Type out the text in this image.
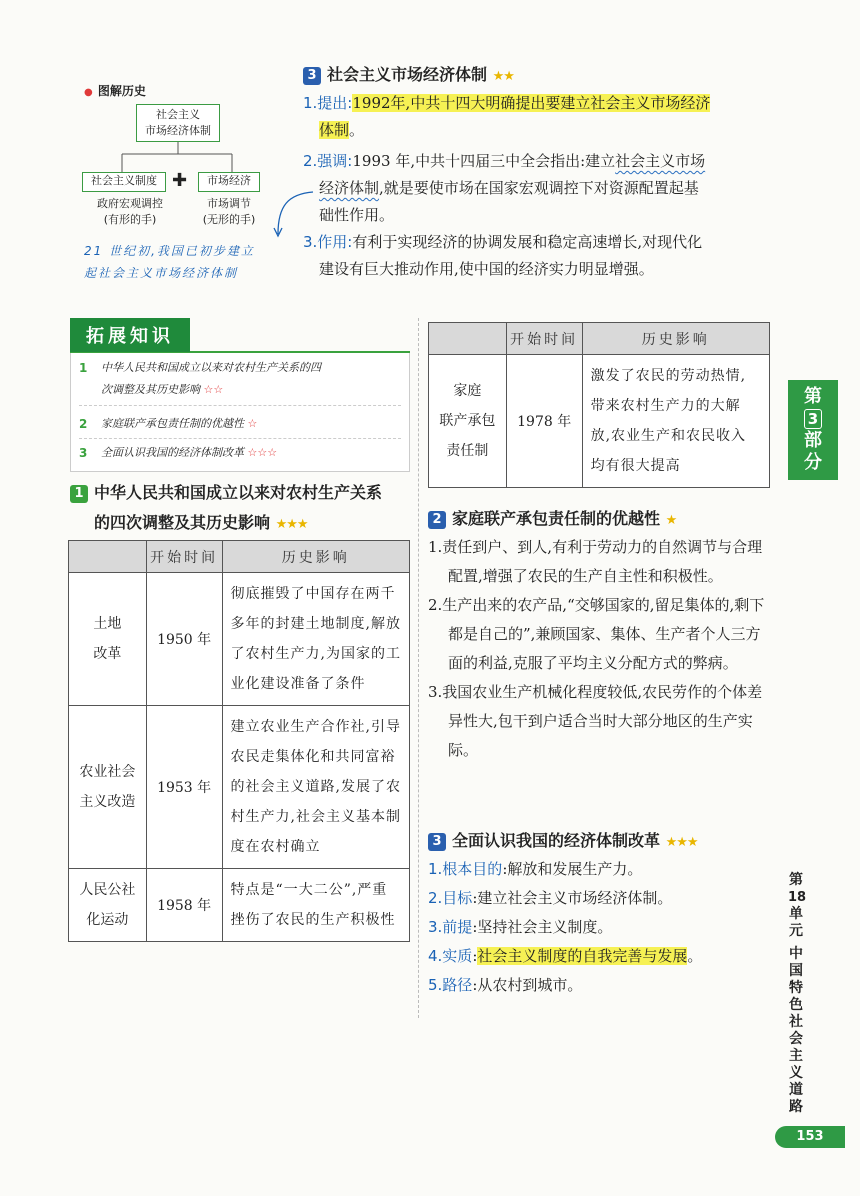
● 图解历史
社会主义
市场经济体制
社会主义制度 ✚	市场经济
政府宏观调控
(有形的手)
市场调节
(无形的手)
21 世纪初,我国已初步建立
起社会主义市场经济体制
3 社会主义市场经济体制 ★★
1.提出:1992年,中共十四大明确提出要建立社会主义市场经济
体制。
2.强调:1993 年,中共十四届三中全会指出:建立社会主义市场
经济体制,就是要使市场在国家宏观调控下对资源配置起基
础性作用。
3.作用:有利于实现经济的协调发展和稳定高速增长,对现代化
建设有巨大推动作用,使中国的经济实力明显增强。
拓展知识
1	中华人民共和国成立以来对农村生产关系的四
次调整及其历史影响 ☆☆
2	家庭联产承包责任制的优越性
☆
3	全面认识我国的经济体制改革
☆☆☆
1 中华人民共和国成立以来对农村生产关系
的四次调整及其历史影响 ★★★
	开始时间	历史影响

土地
改革	1950 年	彻底摧毁了中国存在两千多年的封建土地制度,解放了农村生产力,为国家的工业化建设准备了条件

农业社会
主义改造	1953 年	建立农业生产合作社,引导农民走集体化和共同富裕的社会主义道路,发展了农村生产力,社会主义基本制度在农村确立

人民公社
化运动	1958 年	特点是“一大二公”,严重挫伤了农民的生产积极性
	开始时间	历史影响

家庭
联产承包
责任制	1978 年	激发了农民的劳动热情,带来农村生产力的大解放,农业生产和农民收入均有很大提高
2 家庭联产承包责任制的优越性 ★
1.责任到户、到人,有利于劳动力的自然调节与合理配置,增强了农民的生产自主性和积极性。
2.生产出来的农产品,“交够国家的,留足集体的,剩下都是自己的”,兼顾国家、集体、生产者个人三方面的利益,克服了平均主义分配方式的弊病。
3.我国农业生产机械化程度较低,农民劳作的个体差异性大,包干到户适合当时大部分地区的生产实际。
3 全面认识我国的经济体制改革 ★★★
1.根本目的:解放和发展生产力。
2.目标:建立社会主义市场经济体制。
3.前提:坚持社会主义制度。
4.实质:社会主义制度的自我完善与发展。
5.路径:从农村到城市。
第
3
部
分
第
18
单
元
中国特色社会主义道路
153
